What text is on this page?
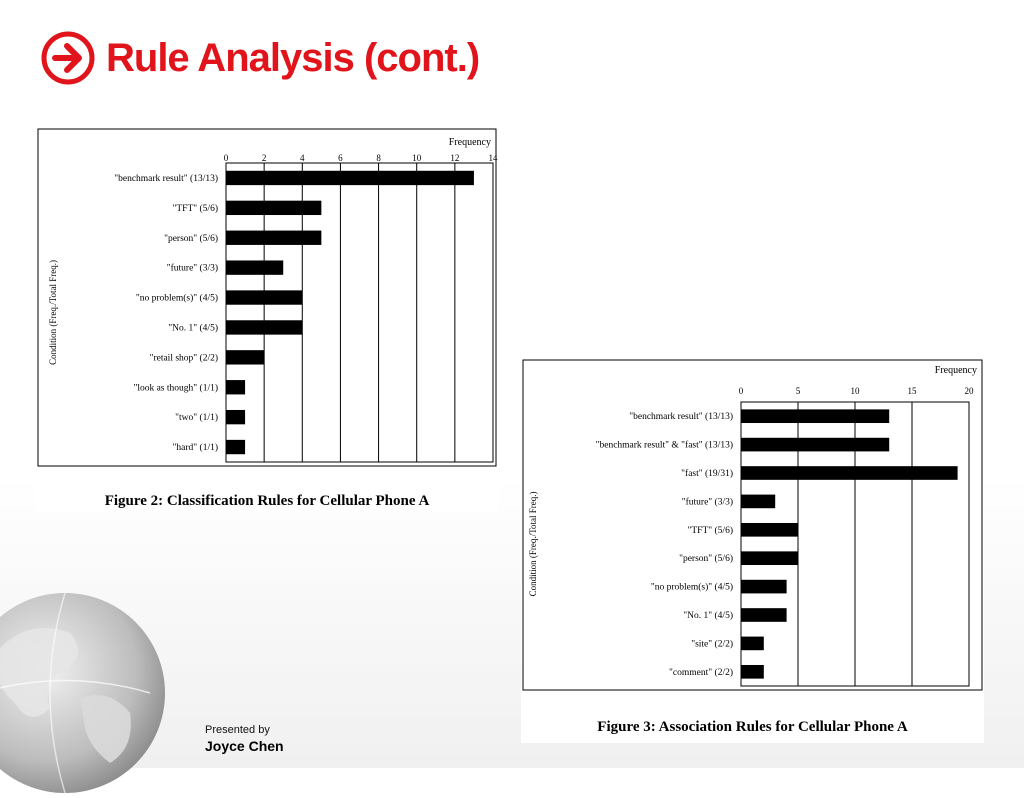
Rule Analysis (cont.)
0	2	4	6	8	10	12	14
Frequency
Condition (Freq./Total Freq.)
"benchmark result" (13/13)
"TFT" (5/6)
"person" (5/6)
"future" (3/3)
"no problem(s)" (4/5)
"No. 1" (4/5)
"retail shop" (2/2)
"look as though" (1/1)
"two" (1/1)
"hard" (1/1)
Figure 2: Classification Rules for Cellular Phone A
0	5	10	15	20
Frequency
Condition (Freq./Total Freq.)
"benchmark result" (13/13)
"benchmark result" & "fast" (13/13)
"fast" (19/31)
"future" (3/3)
"TFT" (5/6)
"person" (5/6)
"no problem(s)" (4/5)
"No. 1" (4/5)
"site" (2/2)
"comment" (2/2)
Figure 3: Association Rules for Cellular Phone A
Presented by
Joyce Chen
